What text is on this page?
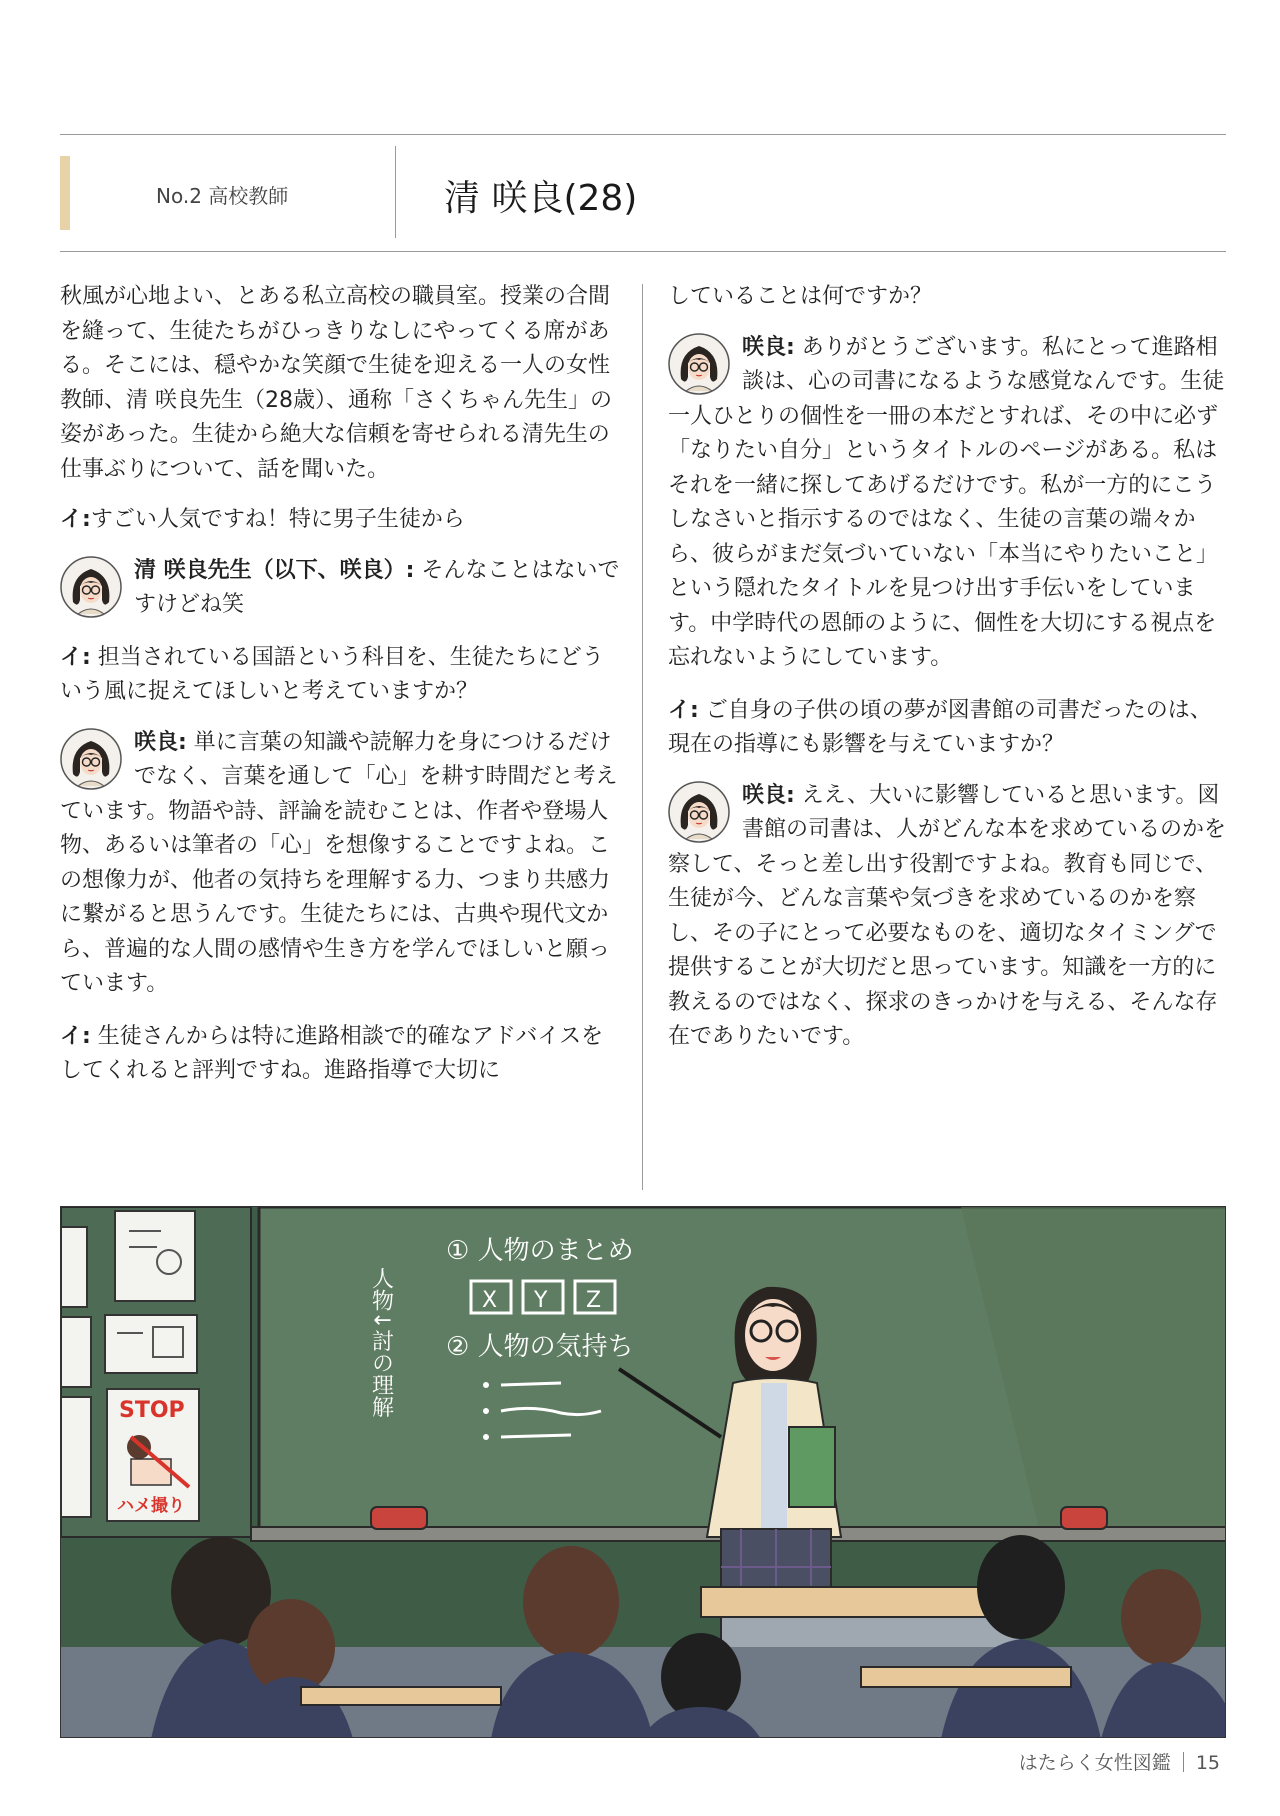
No.2 高校教師	清 咲良(28)

秋風が心地よい、とある私立高校の職員室。授業の合間を縫って、生徒たちがひっきりなしにやってくる席がある。そこには、穏やかな笑顔で生徒を迎える一人の女性教師、清 咲良先生（28歳）、通称「さくちゃん先生」の姿があった。生徒から絶大な信頼を寄せられる清先生の仕事ぶりについて、話を聞いた。

イ:すごい人気ですね！特に男子生徒から

清 咲良先生（以下、咲良）: そんなことはないですけどね笑

イ: 担当されている国語という科目を、生徒たちにどういう風に捉えてほしいと考えていますか？

咲良: 単に言葉の知識や読解力を身につけるだけでなく、言葉を通して「心」を耕す時間だと考えています。物語や詩、評論を読むことは、作者や登場人物、あるいは筆者の「心」を想像することですよね。この想像力が、他者の気持ちを理解する力、つまり共感力に繋がると思うんです。生徒たちには、古典や現代文から、普遍的な人間の感情や生き方を学んでほしいと願っています。

イ: 生徒さんからは特に進路相談で的確なアドバイスをしてくれると評判ですね。進路指導で大切に

していることは何ですか？

咲良: ありがとうございます。私にとって進路相談は、心の司書になるような感覚なんです。生徒一人ひとりの個性を一冊の本だとすれば、その中に必ず「なりたい自分」というタイトルのページがある。私はそれを一緒に探してあげるだけです。私が一方的にこうしなさいと指示するのではなく、生徒の言葉の端々から、彼らがまだ気づいていない「本当にやりたいこと」という隠れたタイトルを見つけ出す手伝いをしています。中学時代の恩師のように、個性を大切にする視点を忘れないようにしています。

イ: ご自身の子供の頃の夢が図書館の司書だったのは、現在の指導にも影響を与えていますか？

咲良: ええ、大いに影響していると思います。図書館の司書は、人がどんな本を求めているのかを察して、そっと差し出す役割ですよね。教育も同じで、生徒が今、どんな言葉や気づきを求めているのかを察し、その子にとって必要なものを、適切なタイミングで提供することが大切だと思っています。知識を一方的に教えるのではなく、探求のきっかけを与える、そんな存在でありたいです。
STOP
ハメ撮り
人物↓討の理解
① 人物のまとめ
X Y Z
② 人物の気持ち
はたらく女性図鑑 15
